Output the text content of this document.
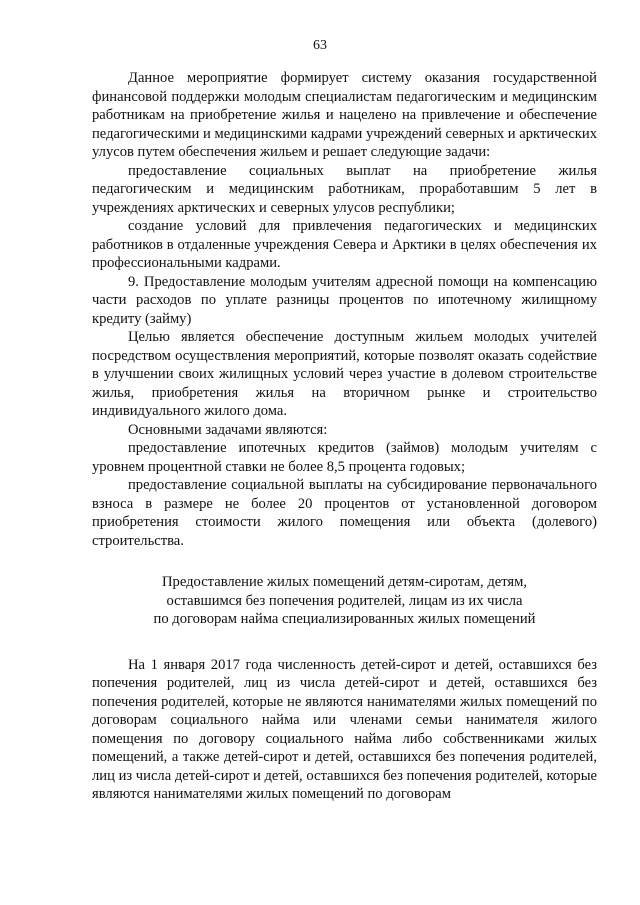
63

Данное мероприятие формирует систему оказания государственной финансовой поддержки молодым специалистам педагогическим и медицинским работникам на приобретение жилья и нацелено на привлечение и обеспечение педагогическими и медицинскими кадрами учреждений северных и арктических улусов путем обеспечения жильем и решает следующие задачи:

предоставление социальных выплат на приобретение жилья педагогическим и медицинским работникам, проработавшим 5 лет в учреждениях арктических и северных улусов республики;

создание условий для привлечения педагогических и медицинских работников в отдаленные учреждения Севера и Арктики в целях обеспечения их профессиональными кадрами.

9. Предоставление молодым учителям адресной помощи на компенсацию части расходов по уплате разницы процентов по ипотечному жилищному кредиту (займу)

Целью является обеспечение доступным жильем молодых учителей посредством осуществления мероприятий, которые позволят оказать содействие в улучшении своих жилищных условий через участие в долевом строительстве жилья, приобретения жилья на вторичном рынке и строительство индивидуального жилого дома.

Основными задачами являются:

предоставление ипотечных кредитов (займов) молодым учителям с уровнем процентной ставки не более 8,5 процента годовых;

предоставление социальной выплаты на субсидирование первоначального взноса в размере не более 20 процентов от установленной договором приобретения стоимости жилого помещения или объекта (долевого) строительства.

Предоставление жилых помещений детям-сиротам, детям,
оставшимся без попечения родителей, лицам из их числа
по договорам найма специализированных жилых помещений

На 1 января 2017 года численность детей-сирот и детей, оставшихся без попечения родителей, лиц из числа детей-сирот и детей, оставшихся без попечения родителей, которые не являются нанимателями жилых помещений по договорам социального найма или членами семьи нанимателя жилого помещения по договору социального найма либо собственниками жилых помещений, а также детей-сирот и детей, оставшихся без попечения родителей, лиц из числа детей-сирот и детей, оставшихся без попечения родителей, которые являются нанимателями жилых помещений по договорам
